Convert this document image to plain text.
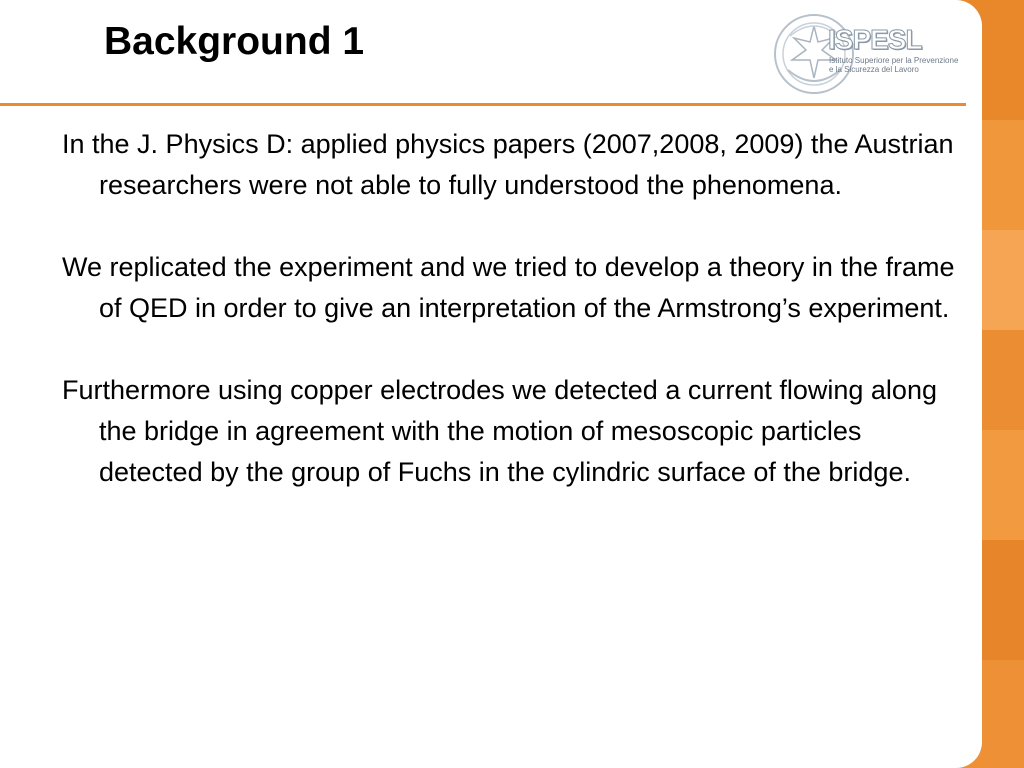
Background 1	ISPESL
Istituto Superiore per la Prevenzione
e la Sicurezza del Lavoro

In the J. Physics D: applied physics papers (2007,2008, 2009) the Austrian researchers were not able to fully understood the phenomena.

We replicated the experiment and we tried to develop a theory in the frame of QED in order to give an interpretation of the Armstrong’s experiment.

Furthermore using copper electrodes we detected a current flowing along the bridge in agreement with the motion of mesoscopic particles detected by the group of Fuchs in the cylindric surface of the bridge.
